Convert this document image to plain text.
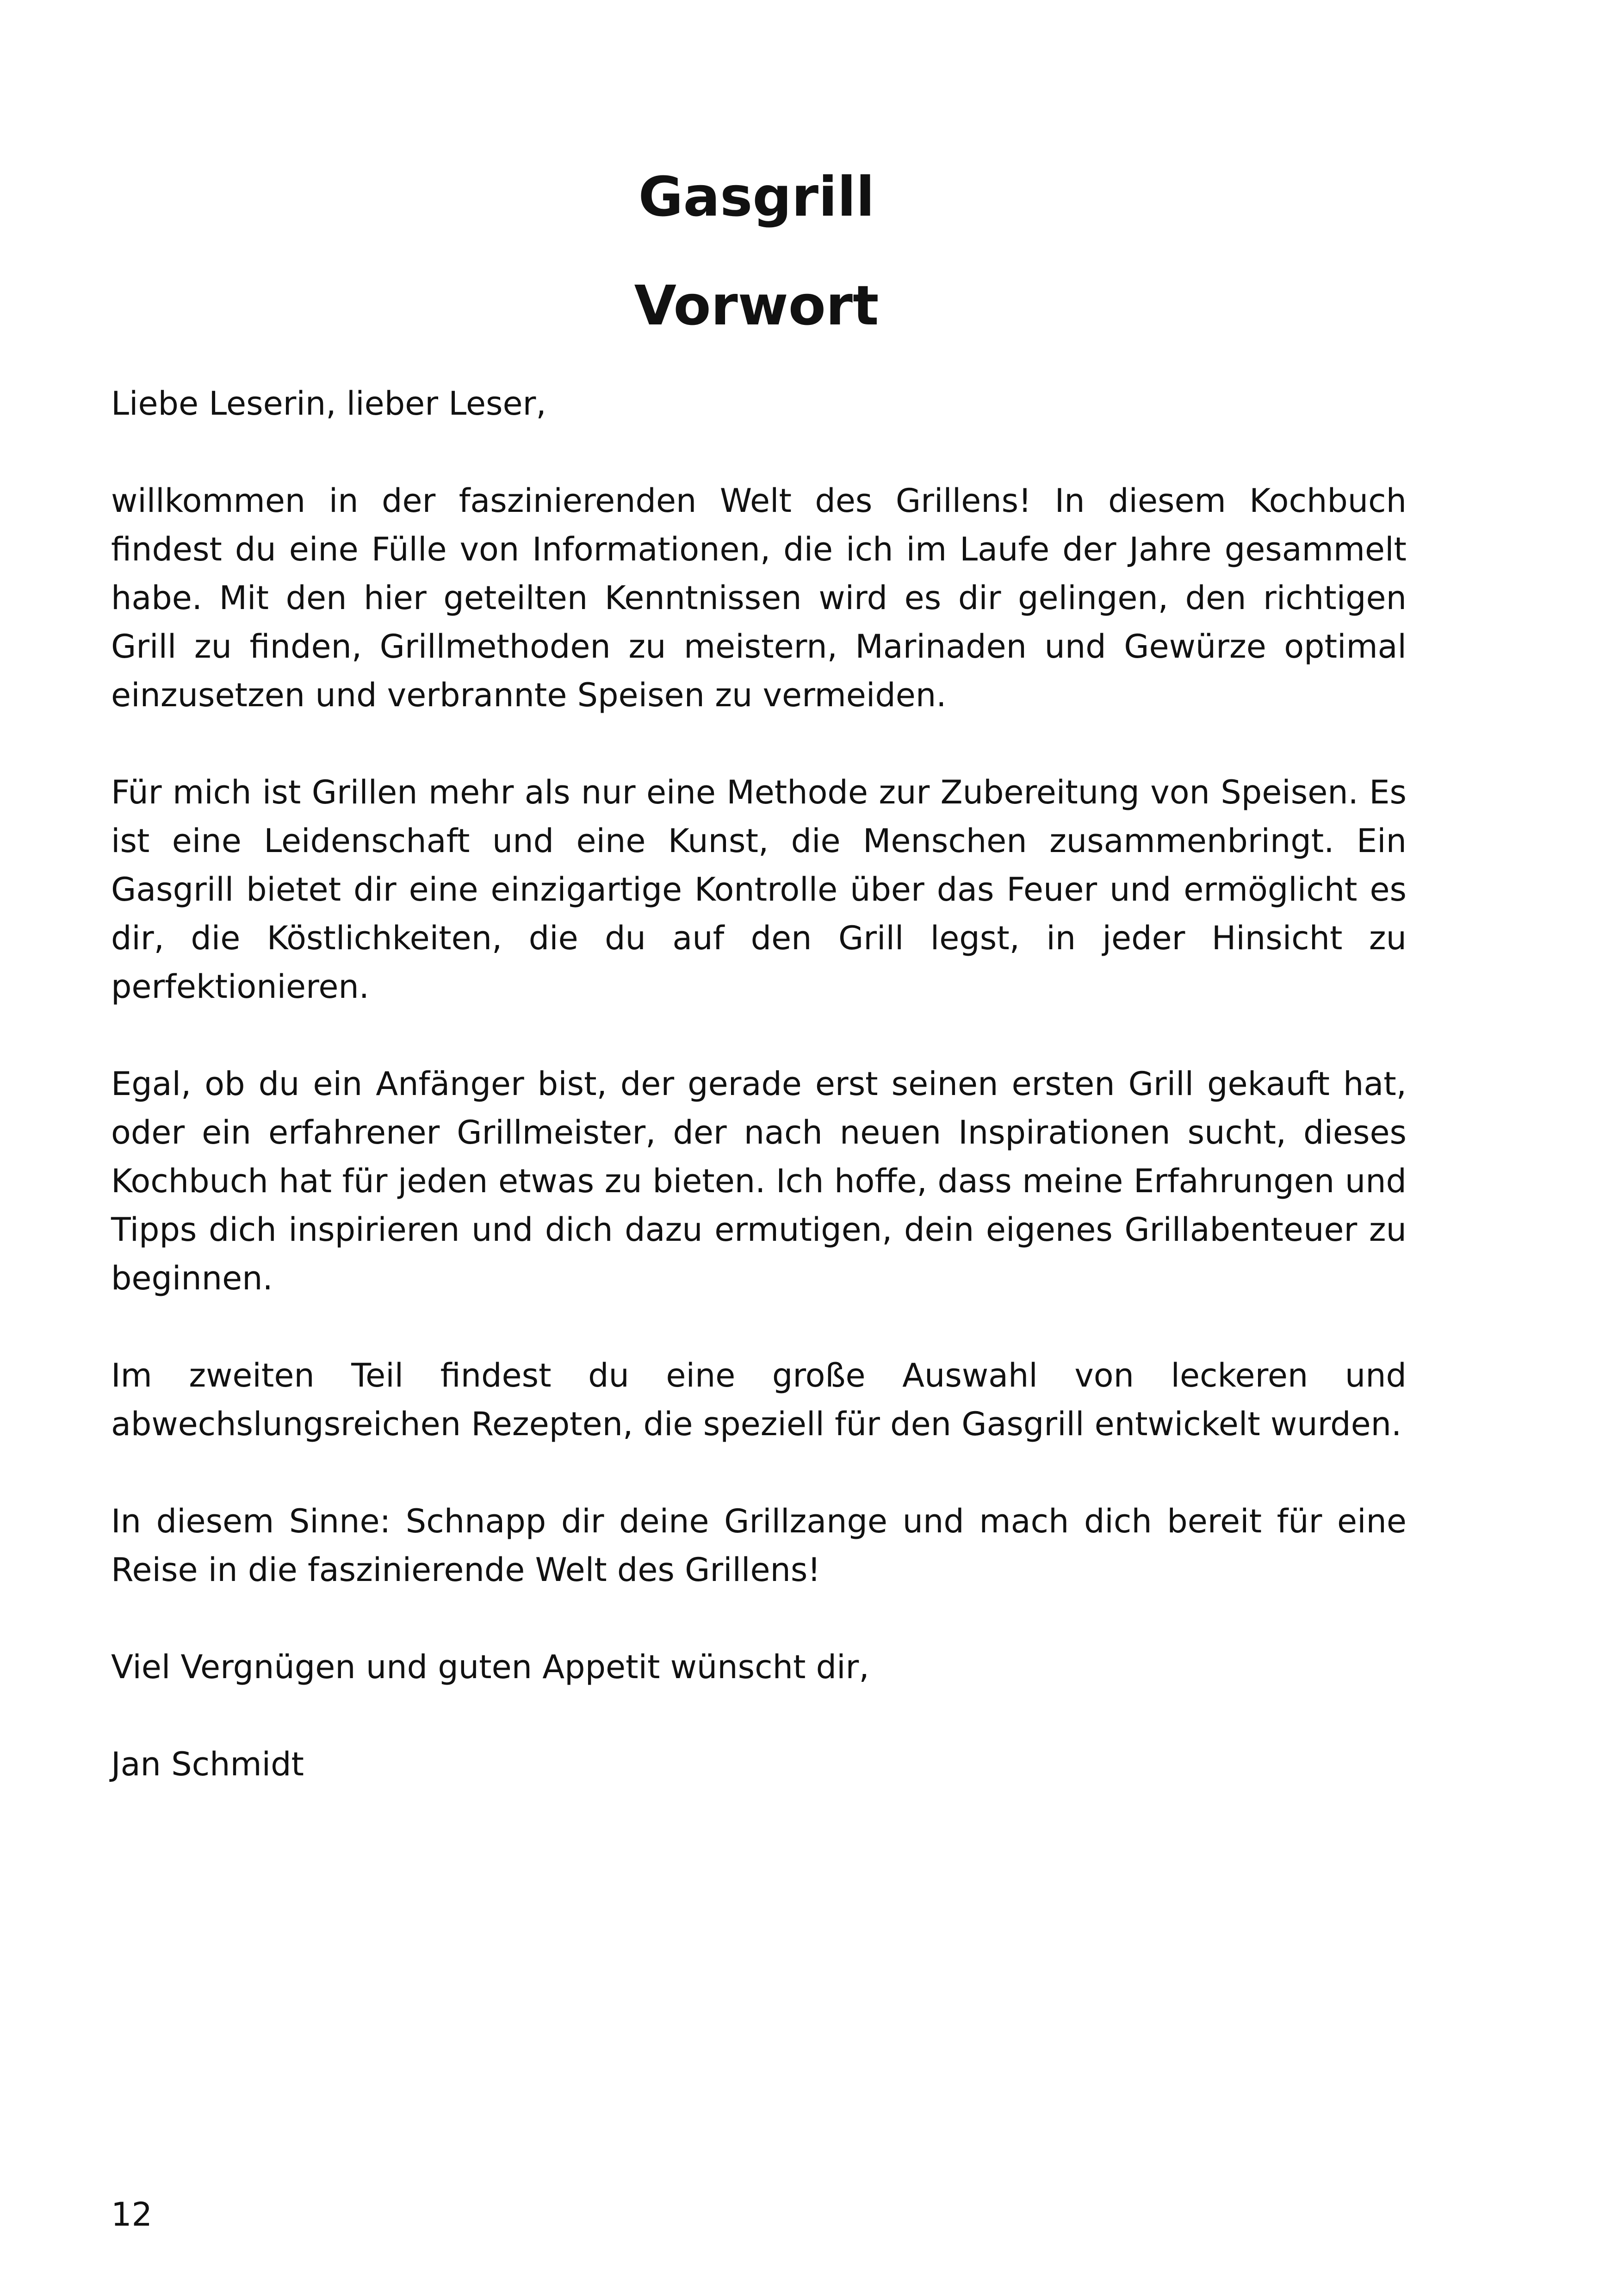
Gasgrill
Vorwort

Liebe Leserin, lieber Leser,

willkommen in der faszinierenden Welt des Grillens! In diesem Kochbuch findest du eine Fülle von Informationen, die ich im Laufe der Jahre gesammelt habe. Mit den hier geteilten Kenntnissen wird es dir gelingen, den richtigen Grill zu finden, Grillmethoden zu meistern, Marinaden und Gewürze optimal einzusetzen und verbrannte Speisen zu vermeiden.

Für mich ist Grillen mehr als nur eine Methode zur Zubereitung von Speisen. Es ist eine Leidenschaft und eine Kunst, die Menschen zusammenbringt. Ein Gasgrill bietet dir eine einzigartige Kontrolle über das Feuer und ermöglicht es dir, die Köstlichkeiten, die du auf den Grill legst, in jeder Hinsicht zu perfektionieren.

Egal, ob du ein Anfänger bist, der gerade erst seinen ersten Grill gekauft hat, oder ein erfahrener Grillmeister, der nach neuen Inspirationen sucht, dieses Kochbuch hat für jeden etwas zu bieten. Ich hoffe, dass meine Erfahrungen und Tipps dich inspirieren und dich dazu ermutigen, dein eigenes Grillabenteuer zu beginnen.

Im zweiten Teil findest du eine große Auswahl von leckeren und abwechslungsreichen Rezepten, die speziell für den Gasgrill entwickelt wurden.

In diesem Sinne: Schnapp dir deine Grillzange und mach dich bereit für eine Reise in die faszinierende Welt des Grillens!

Viel Vergnügen und guten Appetit wünscht dir,

Jan Schmidt

12
